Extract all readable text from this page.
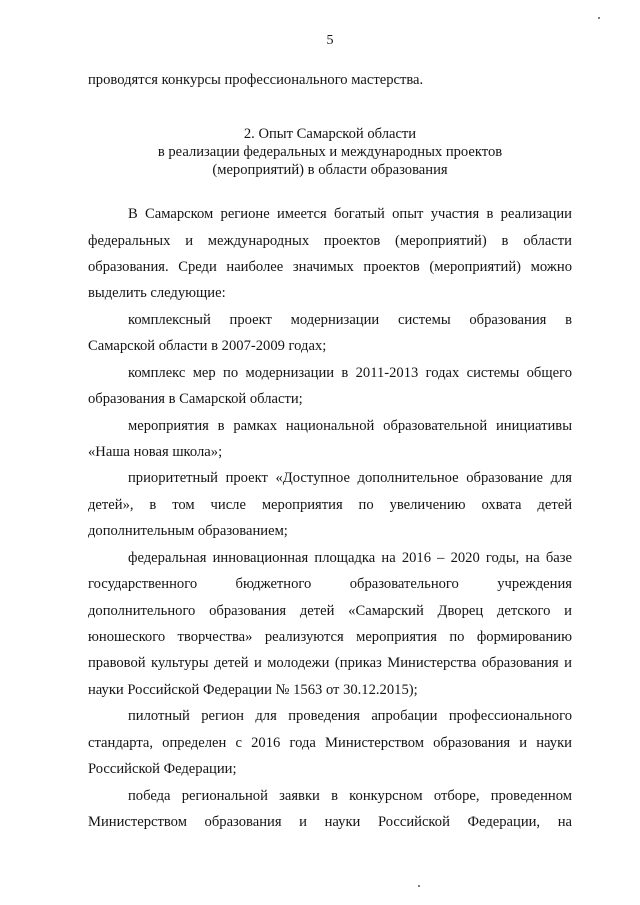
5
проводятся конкурсы профессионального мастерства.
2. Опыт Самарской области
в реализации федеральных и международных проектов
(мероприятий) в области образования
В Самарском регионе имеется богатый опыт участия в реализации
федеральных и международных проектов (мероприятий) в области
образования. Среди наиболее значимых проектов (мероприятий) можно
выделить следующие:
комплексный проект модернизации системы образования в
Самарской области в 2007-2009 годах;
комплекс мер по модернизации в 2011-2013 годах системы общего
образования в Самарской области;
мероприятия в рамках национальной образовательной инициативы
«Наша новая школа»;
приоритетный проект «Доступное дополнительное образование для
детей», в том числе мероприятия по увеличению охвата детей
дополнительным образованием;
федеральная инновационная площадка на 2016 – 2020 годы, на базе
государственного бюджетного образовательного учреждения
дополнительного образования детей «Самарский Дворец детского и
юношеского творчества» реализуются мероприятия по формированию
правовой культуры детей и молодежи (приказ Министерства образования и
науки Российской Федерации № 1563 от 30.12.2015);
пилотный регион для проведения апробации профессионального
стандарта, определен с 2016 года Министерством образования и науки
Российской Федерации;
победа региональной заявки в конкурсном отборе, проведенном
Министерством образования и науки Российской Федерации, на
